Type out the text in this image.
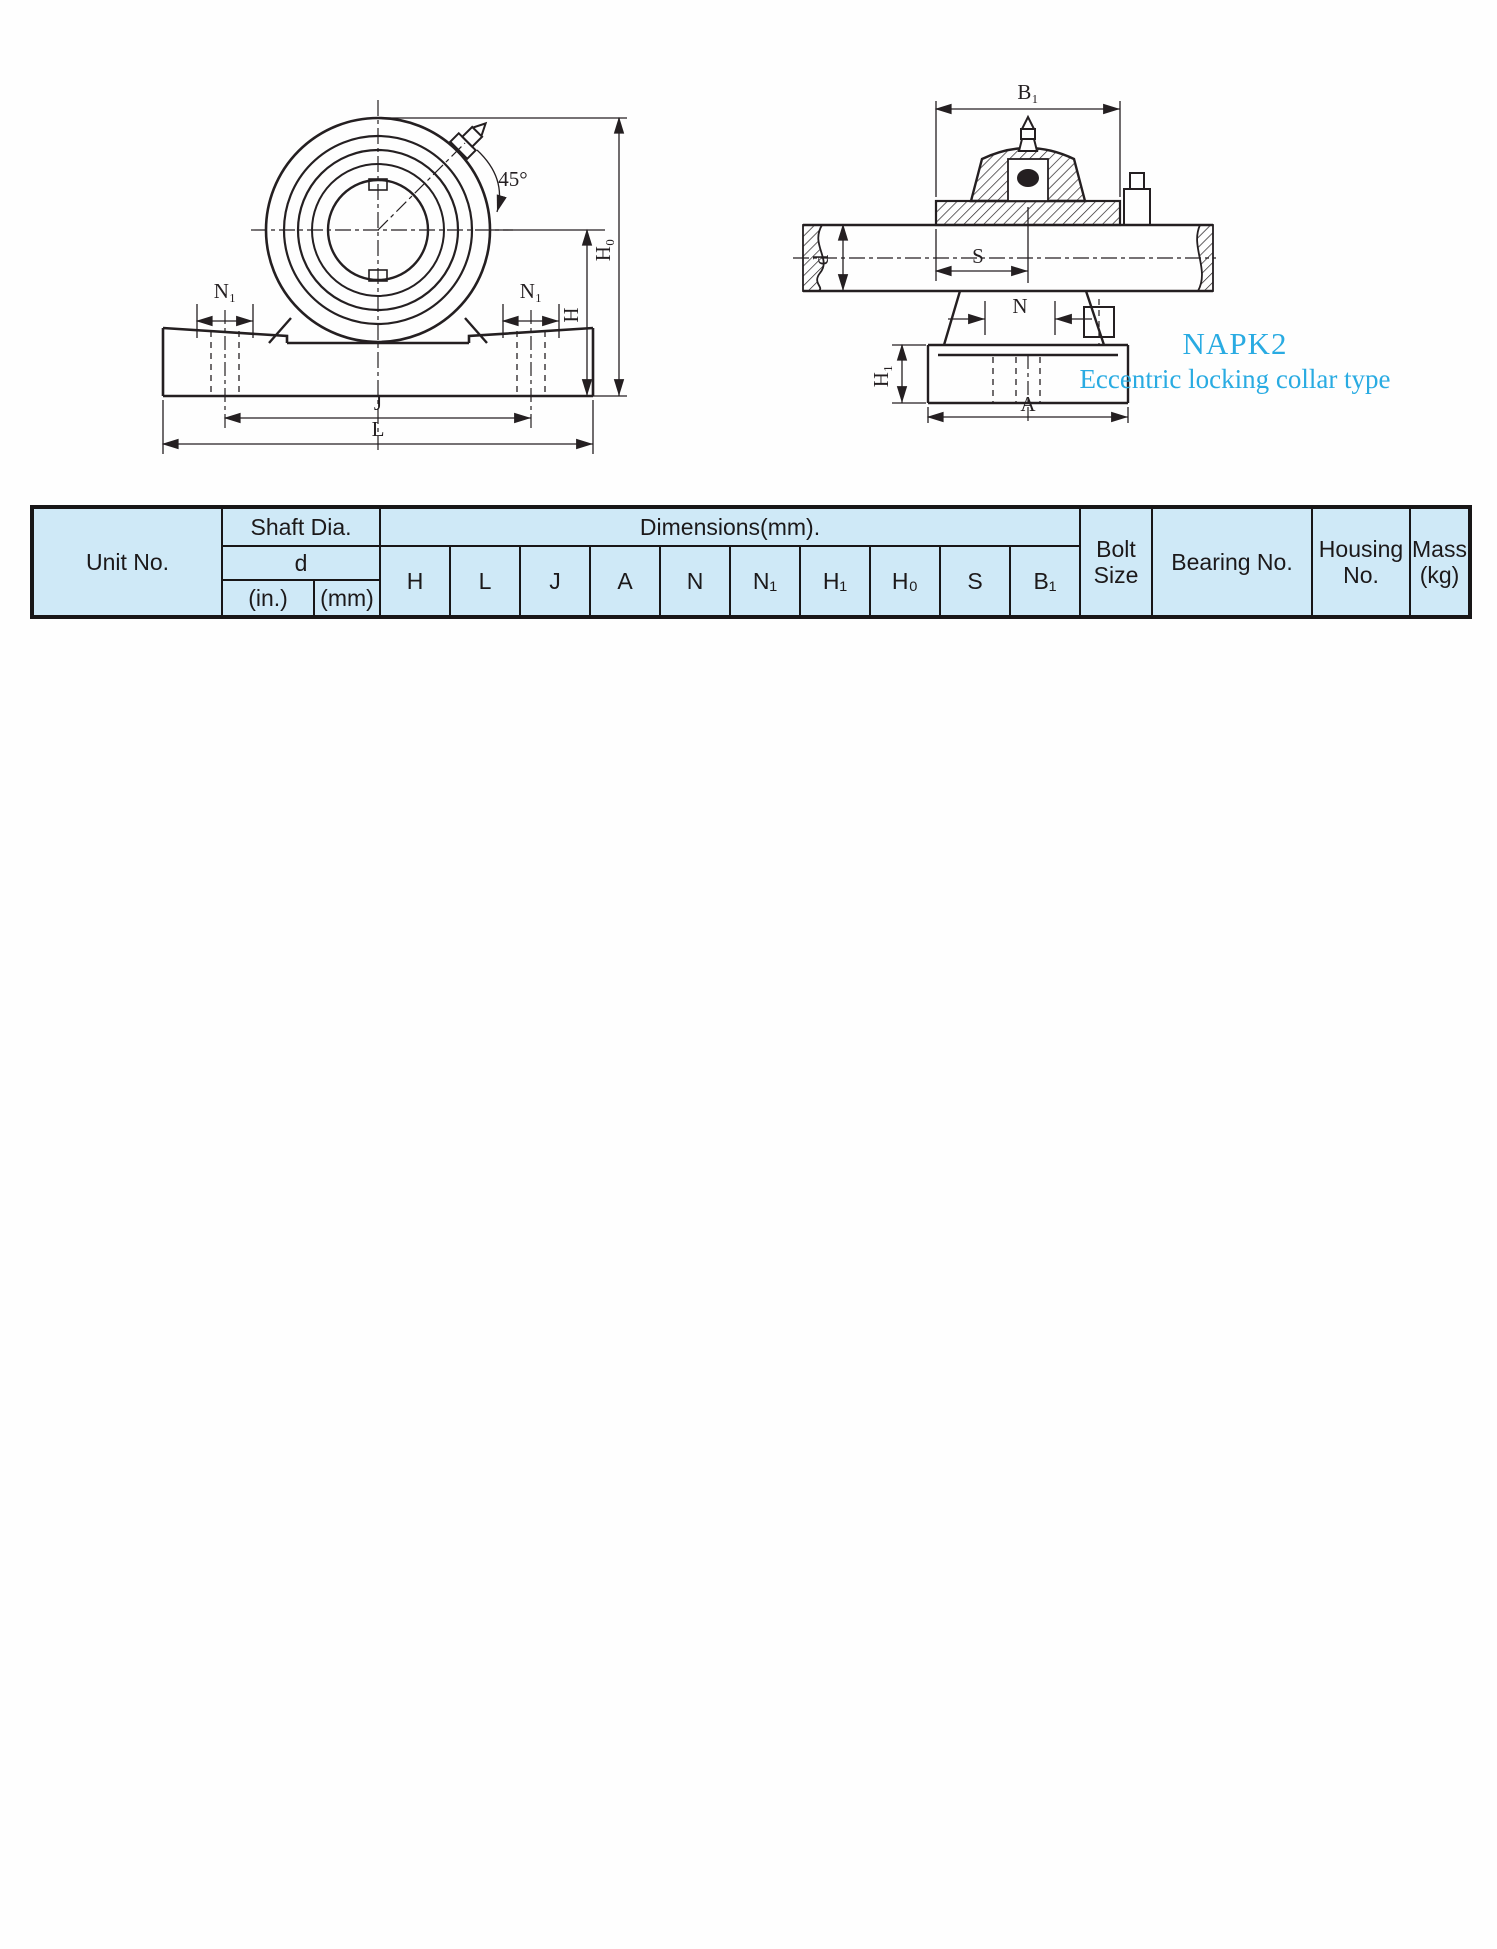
N₁	N₁
45°
J
L
H
H₀
B₁
S
d
N
H₁
A
NAPK2
Eccentric locking collar type
Unit No.	Shaft Dia.		Dimensions(mm).										Bolt Size	Bearing No.	Housing No.	Mass
(kg)

	d		H	L	J	A	N	N₁	H₁	H₀	S	B₁				
	(in.)	(mm)														
